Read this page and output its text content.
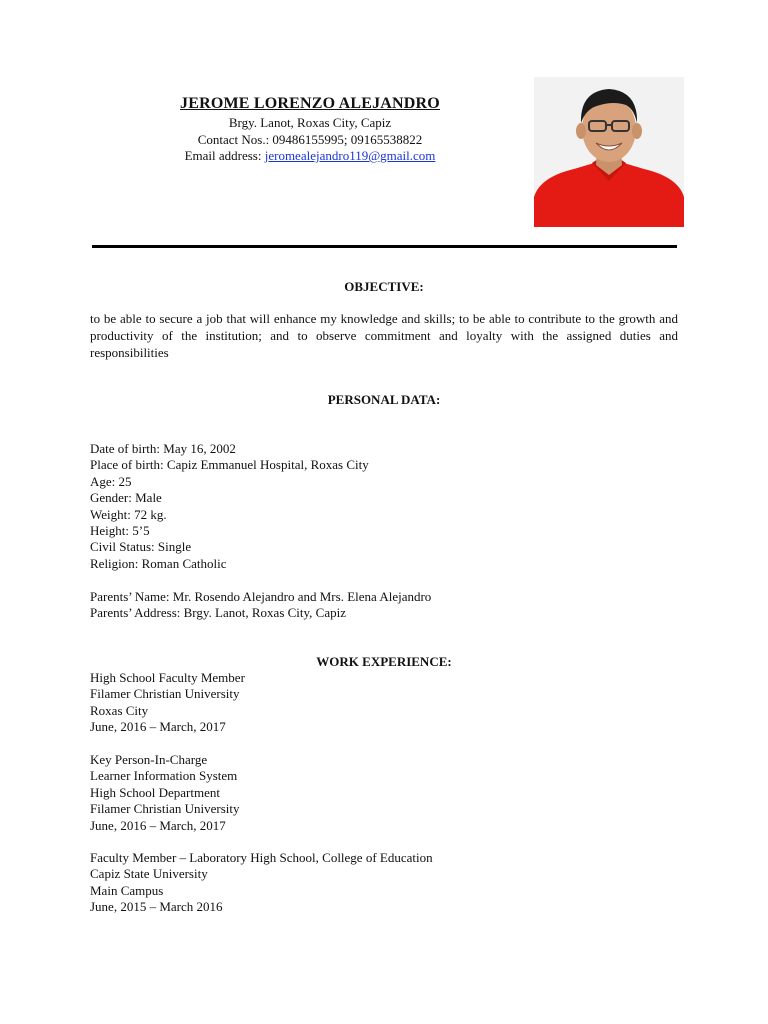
JEROME LORENZO ALEJANDRO
Brgy. Lanot, Roxas City, Capiz
Contact Nos.: 09486155995; 09165538822
Email address: jeromealejandro119@gmail.com
OBJECTIVE:
to be able to secure a job that will enhance my knowledge and skills; to be able to contribute to the growth and productivity of the institution; and to observe commitment and loyalty with the assigned duties and responsibilities
PERSONAL DATA:
Date of birth: May 16, 2002
Place of birth: Capiz Emmanuel Hospital, Roxas City
Age: 25
Gender: Male
Weight: 72 kg.
Height: 5’5
Civil Status: Single
Religion: Roman Catholic
Parents’ Name: Mr. Rosendo Alejandro and Mrs. Elena Alejandro
Parents’ Address: Brgy. Lanot, Roxas City, Capiz
WORK EXPERIENCE:
High School Faculty Member
Filamer Christian University
Roxas City
June, 2016 – March, 2017
Key Person-In-Charge
Learner Information System
High School Department
Filamer Christian University
June, 2016 – March, 2017
Faculty Member – Laboratory High School, College of Education
Capiz State University
Main Campus
June, 2015 – March 2016
